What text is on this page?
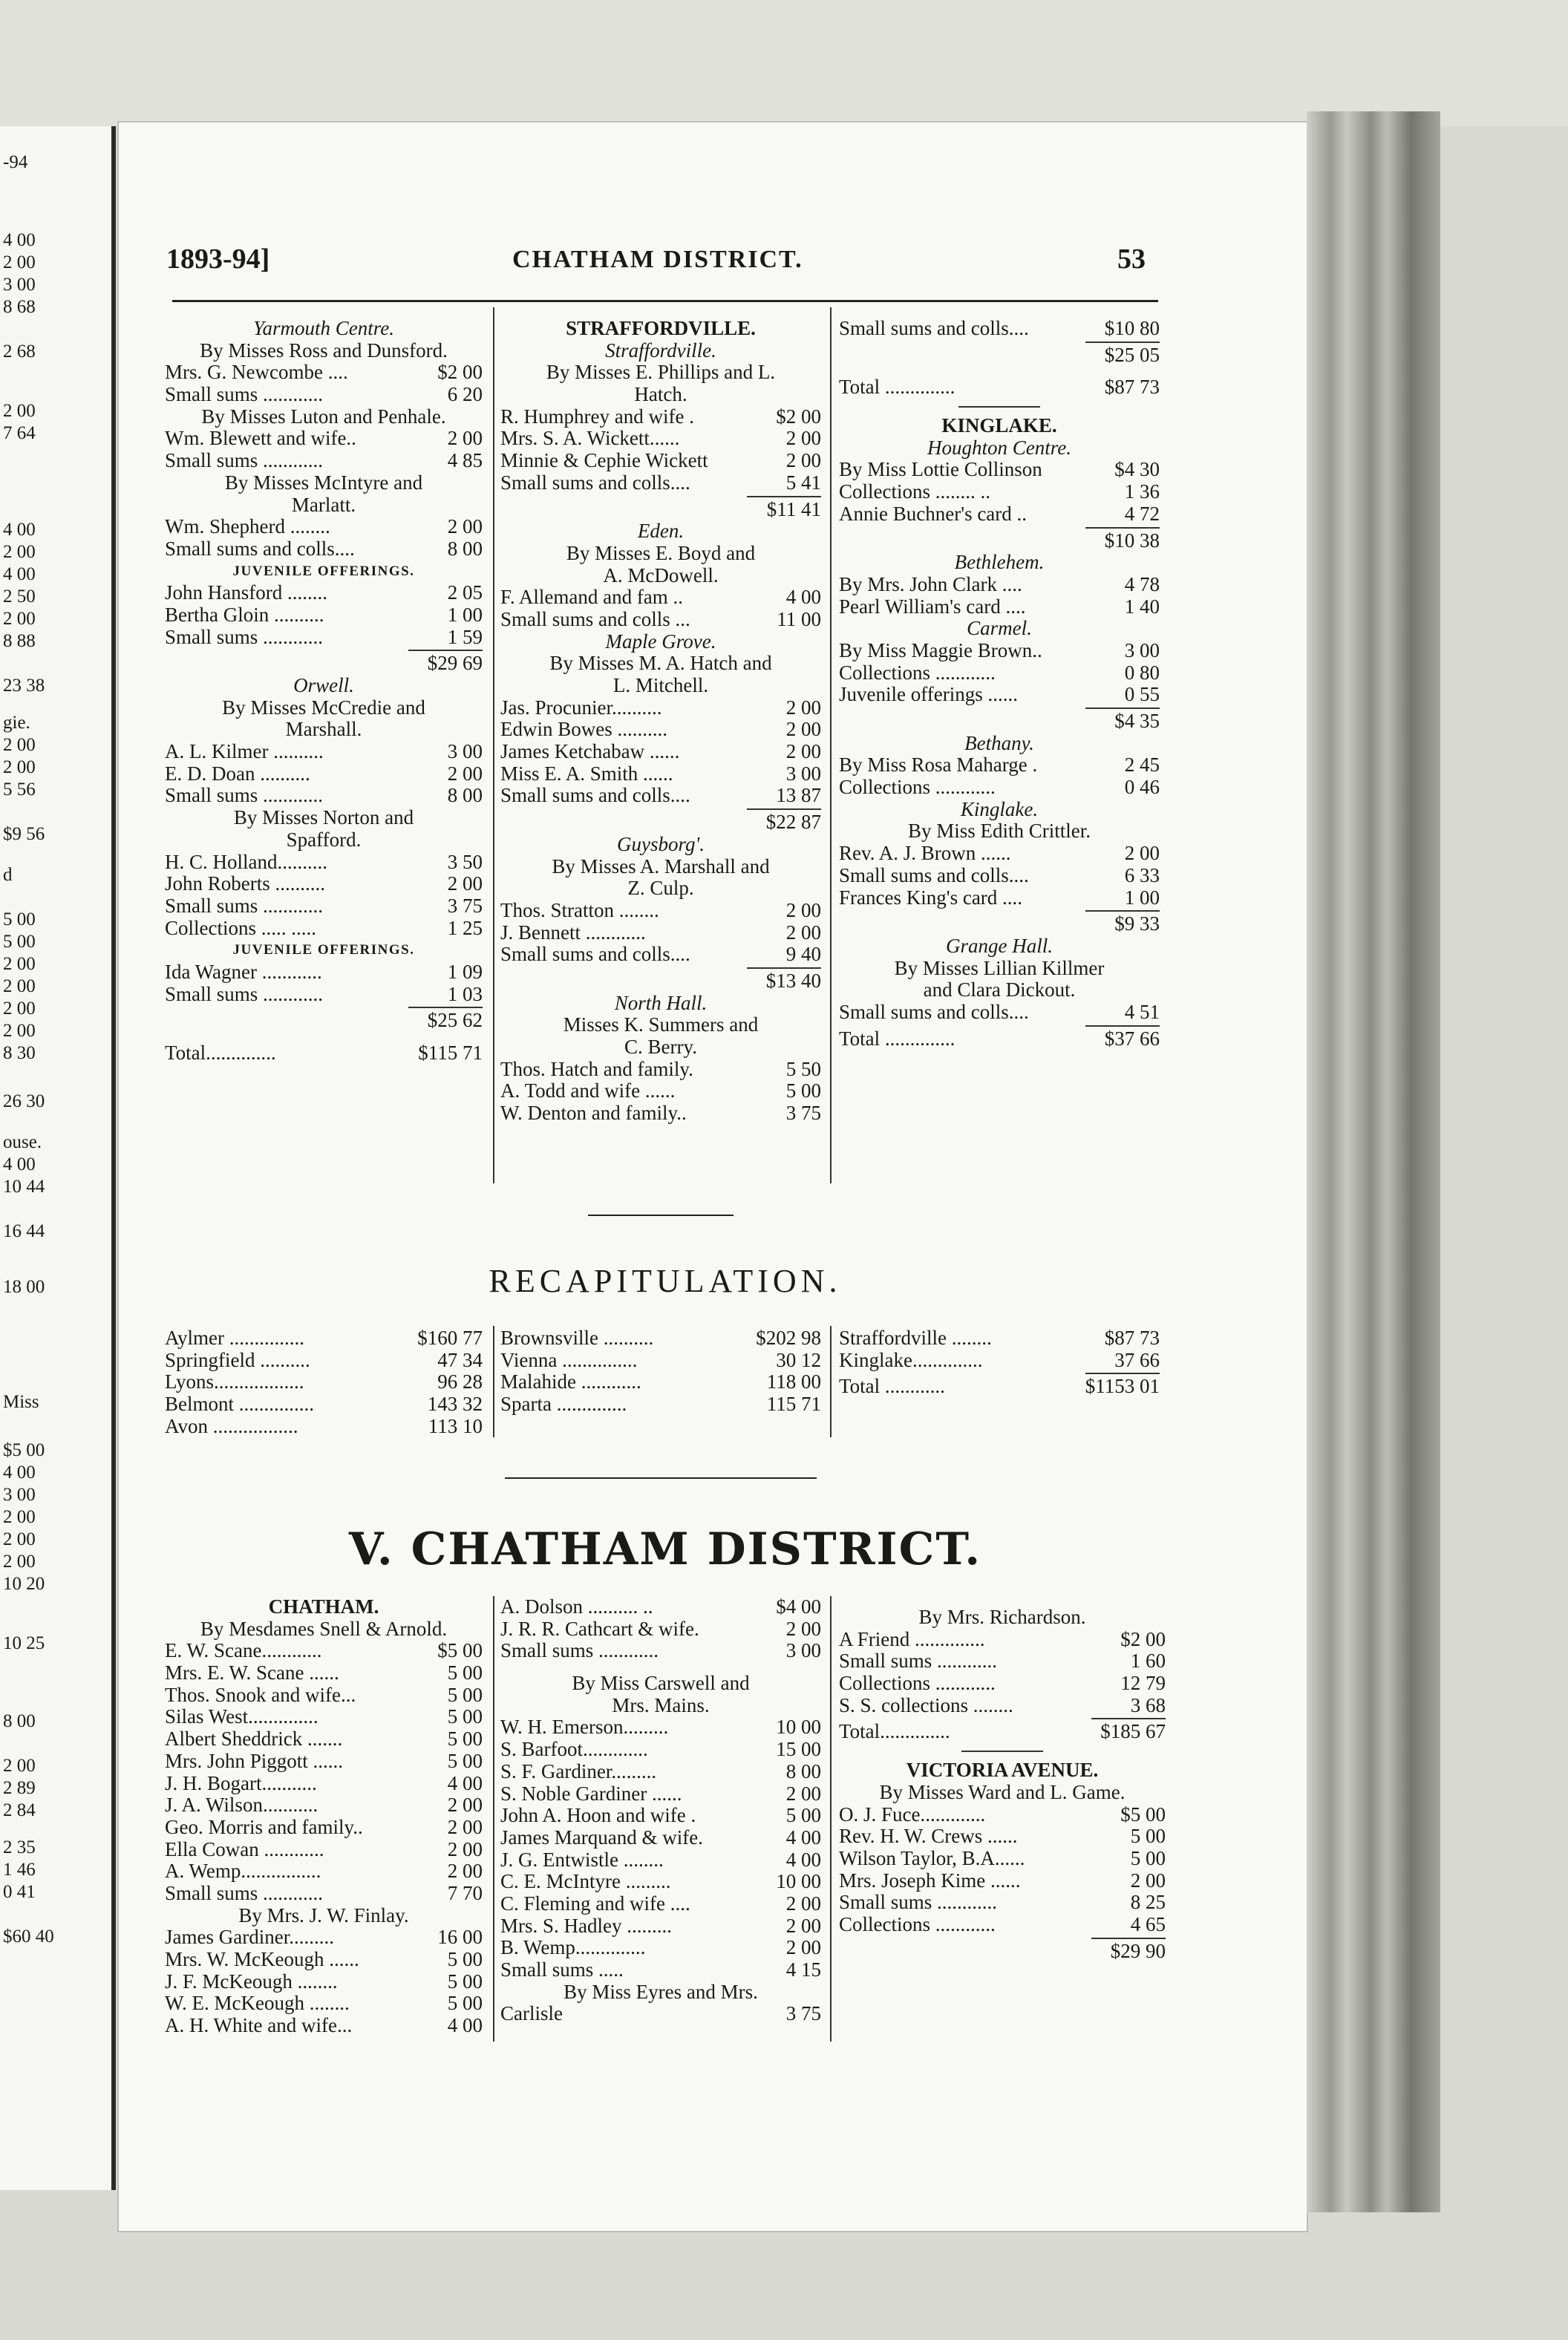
-94
4 00
2 00
3 00
8 68
2 68
2 00
7 64
4 00
2 00
4 00
2 50
2 00
8 88
23 38
gie.
2 00
2 00
5 56
$9 56
d
5 00
5 00
2 00
2 00
2 00
2 00
8 30
26 30
ouse.
4 00
10 44
16 44
18 00
Miss
$5 00
4 00
3 00
2 00
2 00
2 00
10 20
10 25
8 00
2 00
2 89
2 84
2 35
1 46
0 41
$60 40
1893-94]	CHATHAM DISTRICT.	53
Yarmouth Centre.
By Misses Ross and Dunsford.
Mrs. G. Newcombe ....	$2 00
Small sums ............	6 20
By Misses Luton and Penhale.
Wm. Blewett and wife..	2 00
Small sums ............	4 85
By Misses McIntyre and
Marlatt.
Wm. Shepherd ........	2 00
Small sums and colls....	8 00
JUVENILE OFFERINGS.
John Hansford ........	2 05
Bertha Gloin ..........	1 00
Small sums ............	1 59
$29 69
Orwell.
By Misses McCredie and
Marshall.
A. L. Kilmer ..........	3 00
E. D. Doan ..........	2 00
Small sums ............	8 00
By Misses Norton and
Spafford.
H. C. Holland..........	3 50
John Roberts ..........	2 00
Small sums ............	3 75
Collections ..... .....	1 25
JUVENILE OFFERINGS.
Ida Wagner ............	1 09
Small sums ............	1 03
$25 62
Total..............	$115 71
STRAFFORDVILLE.
Straffordville.
By Misses E. Phillips and L.
Hatch.
R. Humphrey and wife .	$2 00
Mrs. S. A. Wickett......	2 00
Minnie & Cephie Wickett	2 00
Small sums and colls....	5 41
$11 41
Eden.
By Misses E. Boyd and
A. McDowell.
F. Allemand and fam ..	4 00
Small sums and colls ...	11 00
Maple Grove.
By Misses M. A. Hatch and
L. Mitchell.
Jas. Procunier..........	2 00
Edwin Bowes ..........	2 00
James Ketchabaw ......	2 00
Miss E. A. Smith ......	3 00
Small sums and colls....	13 87
$22 87
Guysborg'.
By Misses A. Marshall and
Z. Culp.
Thos. Stratton ........	2 00
J. Bennett ............	2 00
Small sums and colls....	9 40
$13 40
North Hall.
Misses K. Summers and
C. Berry.
Thos. Hatch and family.	5 50
A. Todd and wife ......	5 00
W. Denton and family..	3 75
Small sums and colls....	$10 80
$25 05
Total ..............	$87 73
KINGLAKE.
Houghton Centre.
By Miss Lottie Collinson	$4 30
Collections ........ ..	1 36
Annie Buchner's card ..	4 72
$10 38
Bethlehem.
By Mrs. John Clark ....	4 78
Pearl William's card ....	1 40
Carmel.
By Miss Maggie Brown..	3 00
Collections ............	0 80
Juvenile offerings ......	0 55
$4 35
Bethany.
By Miss Rosa Maharge .	2 45
Collections ............	0 46
Kinglake.
By Miss Edith Crittler.
Rev. A. J. Brown ......	2 00
Small sums and colls....	6 33
Frances King's card ....	1 00
$9 33
Grange Hall.
By Misses Lillian Killmer
and Clara Dickout.
Small sums and colls....	4 51
Total ..............	$37 66
RECAPITULATION.
Aylmer ...............	$160 77
Springfield ..........	47 34
Lyons..................	96 28
Belmont ...............	143 32
Avon .................	113 10
Brownsville ..........	$202 98
Vienna ...............	30 12
Malahide ............	118 00
Sparta ..............	115 71
Straffordville ........	$87 73
Kinglake..............	37 66
Total ............	$1153 01
V. CHATHAM DISTRICT.
CHATHAM.
By Mesdames Snell & Arnold.
E. W. Scane............	$5 00
Mrs. E. W. Scane ......	5 00
Thos. Snook and wife...	5 00
Silas West..............	5 00
Albert Sheddrick .......	5 00
Mrs. John Piggott ......	5 00
J. H. Bogart...........	4 00
J. A. Wilson...........	2 00
Geo. Morris and family..	2 00
Ella Cowan ............	2 00
A. Wemp................	2 00
Small sums ............	7 70
By Mrs. J. W. Finlay.
James Gardiner.........	16 00
Mrs. W. McKeough ......	5 00
J. F. McKeough ........	5 00
W. E. McKeough ........	5 00
A. H. White and wife...	4 00
A. Dolson .......... ..	$4 00
J. R. R. Cathcart & wife.	2 00
Small sums ............	3 00
By Miss Carswell and
Mrs. Mains.
W. H. Emerson.........	10 00
S. Barfoot.............	15 00
S. F. Gardiner.........	8 00
S. Noble Gardiner ......	2 00
John A. Hoon and wife .	5 00
James Marquand & wife.	4 00
J. G. Entwistle ........	4 00
C. E. McIntyre .........	10 00
C. Fleming and wife ....	2 00
Mrs. S. Hadley .........	2 00
B. Wemp..............	2 00
Small sums .....	4 15
By Miss Eyres and Mrs.
Carlisle	3 75
By Mrs. Richardson.
A Friend ..............	$2 00
Small sums ............	1 60
Collections ............	12 79
S. S. collections ........	3 68
Total..............	$185 67
VICTORIA AVENUE.
By Misses Ward and L. Game.
O. J. Fuce.............	$5 00
Rev. H. W. Crews ......	5 00
Wilson Taylor, B.A......	5 00
Mrs. Joseph Kime ......	2 00
Small sums ............	8 25
Collections ............	4 65
$29 90
